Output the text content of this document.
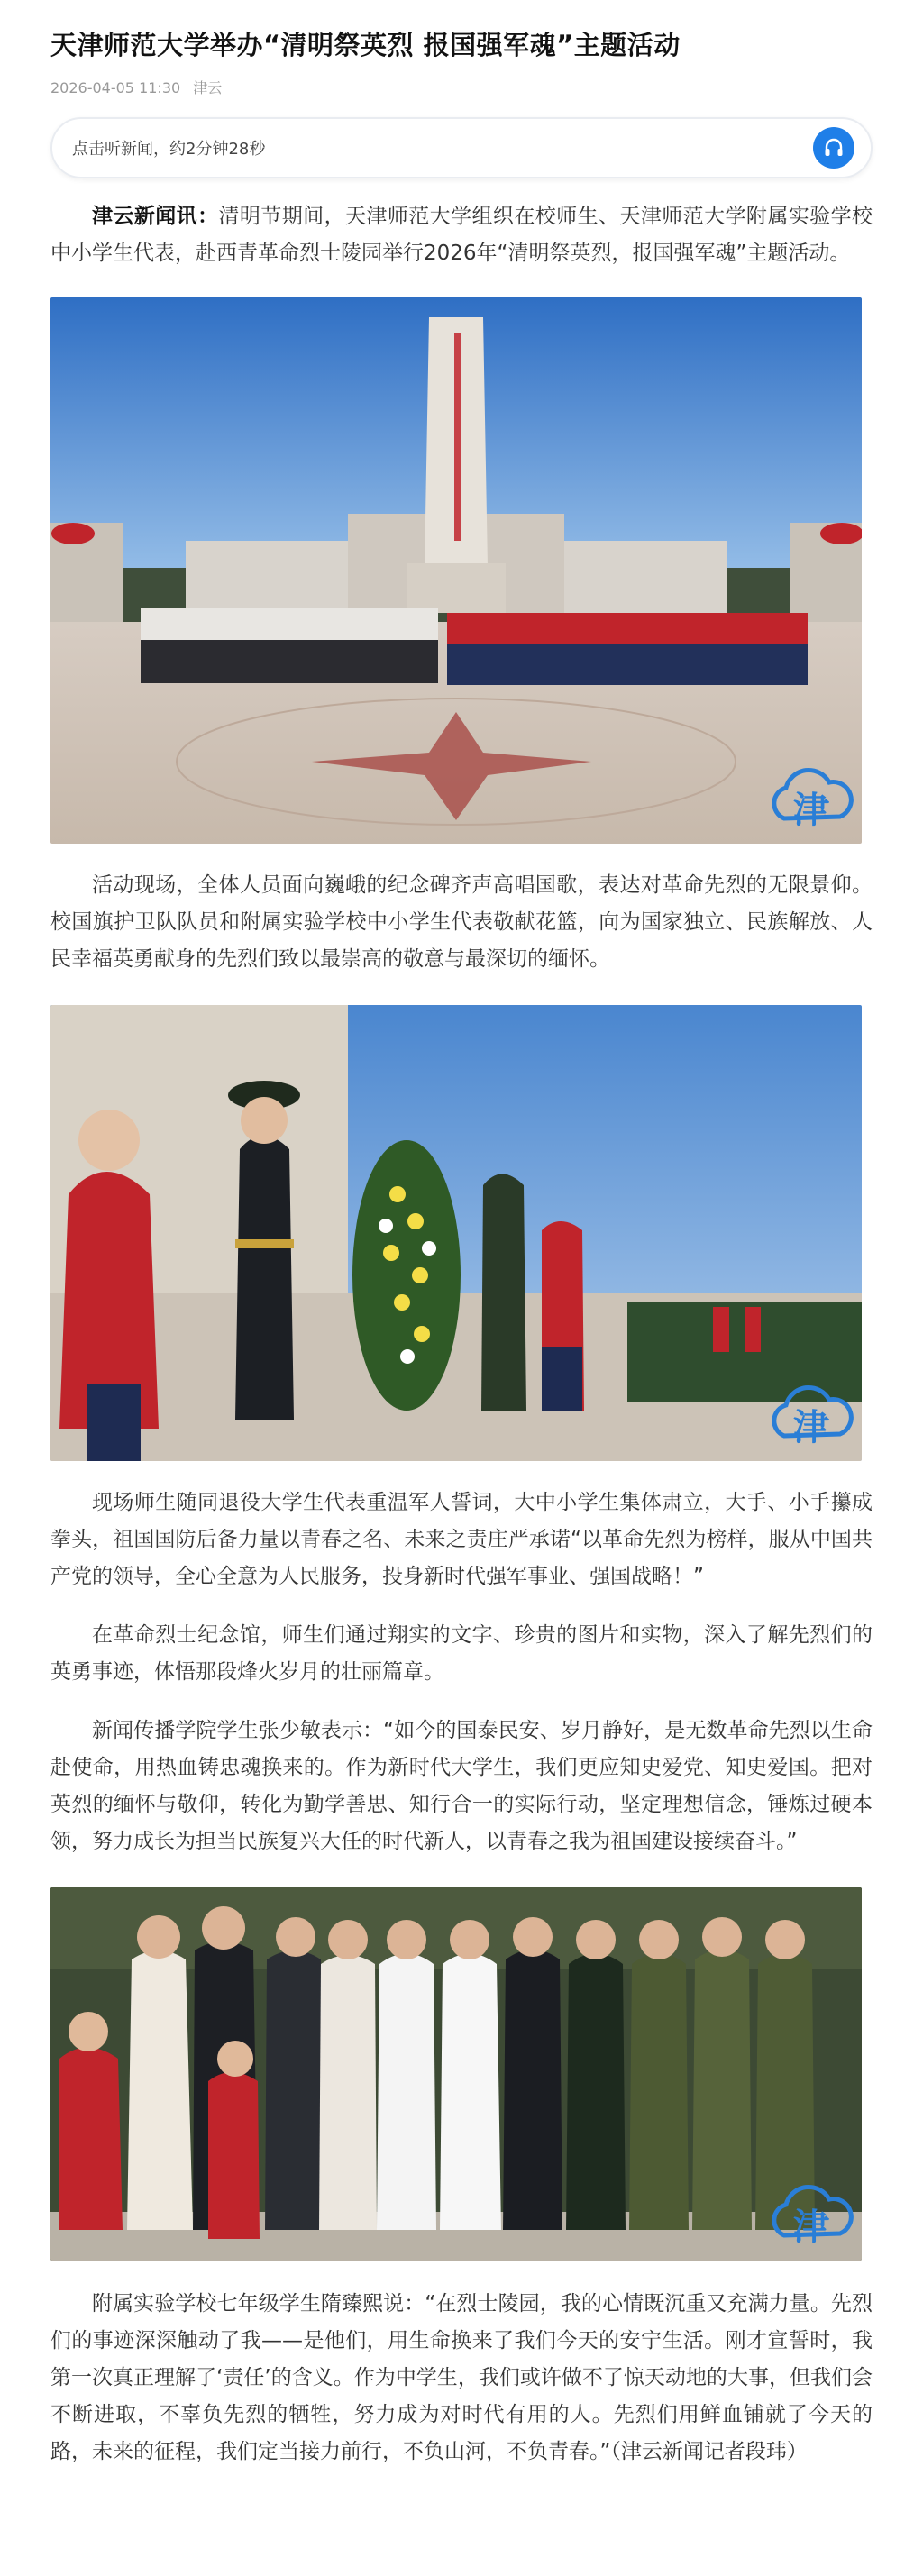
天津师范大学举办“清明祭英烈 报国强军魂”主题活动
2026-04-05 11:30 津云
点击听新闻，约2分钟28秒

津云新闻讯：清明节期间，天津师范大学组织在校师生、天津师范大学附属实验学校中小学生代表，赴西青革命烈士陵园举行2026年“清明祭英烈，报国强军魂”主题活动。

津

活动现场，全体人员面向巍峨的纪念碑齐声高唱国歌，表达对革命先烈的无限景仰。校国旗护卫队队员和附属实验学校中小学生代表敬献花篮，向为国家独立、民族解放、人民幸福英勇献身的先烈们致以最崇高的敬意与最深切的缅怀。

津

现场师生随同退役大学生代表重温军人誓词，大中小学生集体肃立，大手、小手攥成拳头，祖国国防后备力量以青春之名、未来之责庄严承诺“以革命先烈为榜样，服从中国共产党的领导，全心全意为人民服务，投身新时代强军事业、强国战略！”

在革命烈士纪念馆，师生们通过翔实的文字、珍贵的图片和实物，深入了解先烈们的英勇事迹，体悟那段烽火岁月的壮丽篇章。

新闻传播学院学生张少敏表示：“如今的国泰民安、岁月静好，是无数革命先烈以生命赴使命，用热血铸忠魂换来的。作为新时代大学生，我们更应知史爱党、知史爱国。把对英烈的缅怀与敬仰，转化为勤学善思、知行合一的实际行动，坚定理想信念，锤炼过硬本领，努力成长为担当民族复兴大任的时代新人，以青春之我为祖国建设接续奋斗。”

津

附属实验学校七年级学生隋臻熙说：“在烈士陵园，我的心情既沉重又充满力量。先烈们的事迹深深触动了我——是他们，用生命换来了我们今天的安宁生活。刚才宣誓时，我第一次真正理解了‘责任’的含义。作为中学生，我们或许做不了惊天动地的大事，但我们会不断进取，不辜负先烈的牺牲，努力成为对时代有用的人。先烈们用鲜血铺就了今天的路，未来的征程，我们定当接力前行，不负山河，不负青春。”（津云新闻记者段玮）
